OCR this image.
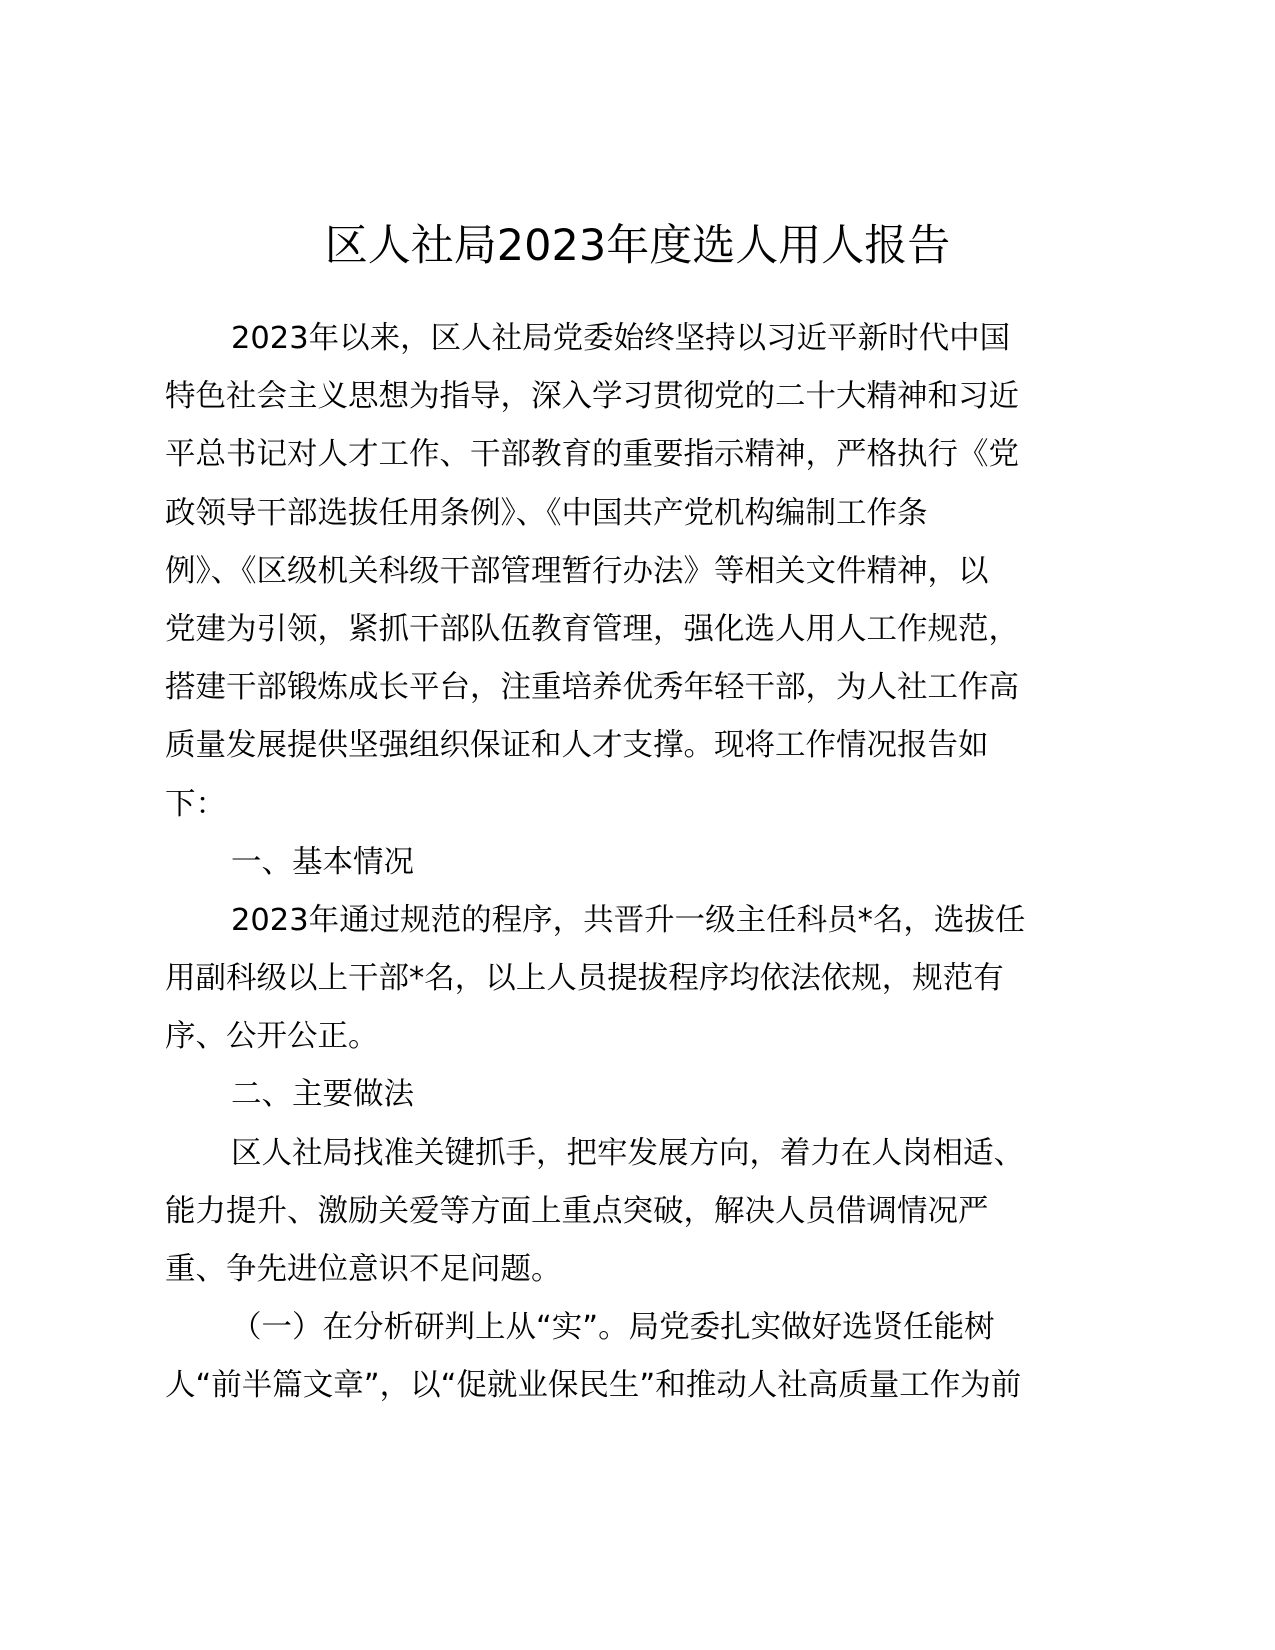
区人社局2023年度选人用人报告

2023年以来，区人社局党委始终坚持以习近平新时代中国

特色社会主义思想为指导，深入学习贯彻党的二十大精神和习近

平总书记对人才工作、干部教育的重要指示精神，严格执行《党

政领导干部选拔任用条例》、《中国共产党机构编制工作条

例》、《区级机关科级干部管理暂行办法》等相关文件精神，以

党建为引领，紧抓干部队伍教育管理，强化选人用人工作规范，

搭建干部锻炼成长平台，注重培养优秀年轻干部，为人社工作高

质量发展提供坚强组织保证和人才支撑。现将工作情况报告如

下：

一、基本情况

2023年通过规范的程序，共晋升一级主任科员*名，选拔任

用副科级以上干部*名，以上人员提拔程序均依法依规，规范有

序、公开公正。

二、主要做法

区人社局找准关键抓手，把牢发展方向，着力在人岗相适、

能力提升、激励关爱等方面上重点突破，解决人员借调情况严

重、争先进位意识不足问题。

（一）在分析研判上从“实”。局党委扎实做好选贤任能树

人“前半篇文章”，以“促就业保民生”和推动人社高质量工作为前
